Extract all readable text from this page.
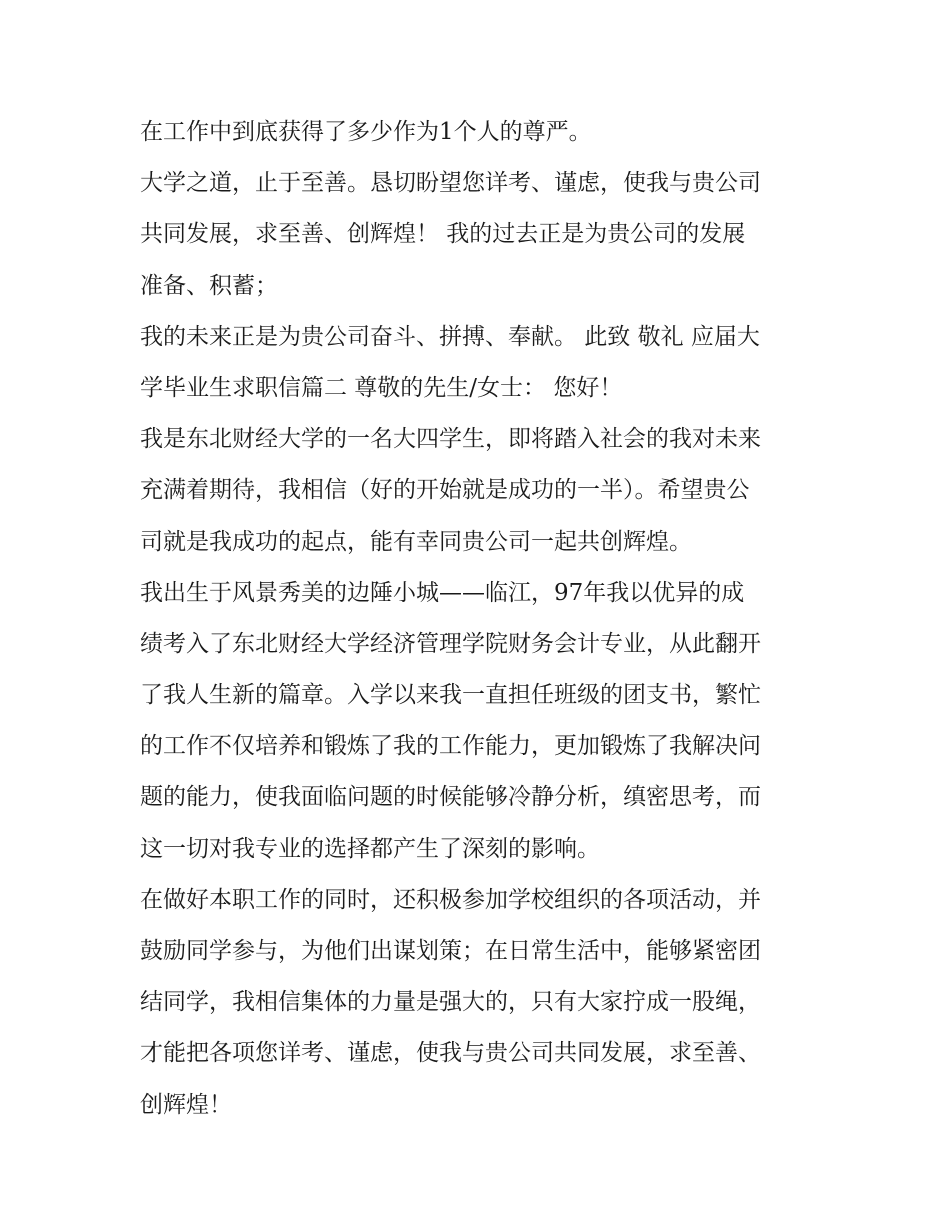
在工作中到底获得了多少作为1个人的尊严。
大学之道，止于至善。恳切盼望您详考、谨虑，使我与贵公司
共同发展，求至善、创辉煌！ 我的过去正是为贵公司的发展
准备、积蓄；
我的未来正是为贵公司奋斗、拼搏、奉献。 此致 敬礼 应届大
学毕业生求职信篇二 尊敬的先生/女士： 您好！
我是东北财经大学的一名大四学生，即将踏入社会的我对未来
充满着期待，我相信（好的开始就是成功的一半）。希望贵公
司就是我成功的起点，能有幸同贵公司一起共创辉煌。
我出生于风景秀美的边陲小城——临江，97年我以优异的成
绩考入了东北财经大学经济管理学院财务会计专业，从此翻开
了我人生新的篇章。入学以来我一直担任班级的团支书，繁忙
的工作不仅培养和锻炼了我的工作能力，更加锻炼了我解决问
题的能力，使我面临问题的时候能够冷静分析，缜密思考，而
这一切对我专业的选择都产生了深刻的影响。
在做好本职工作的同时，还积极参加学校组织的各项活动，并
鼓励同学参与，为他们出谋划策；在日常生活中，能够紧密团
结同学，我相信集体的力量是强大的，只有大家拧成一股绳，
才能把各项您详考、谨虑，使我与贵公司共同发展，求至善、
创辉煌！
